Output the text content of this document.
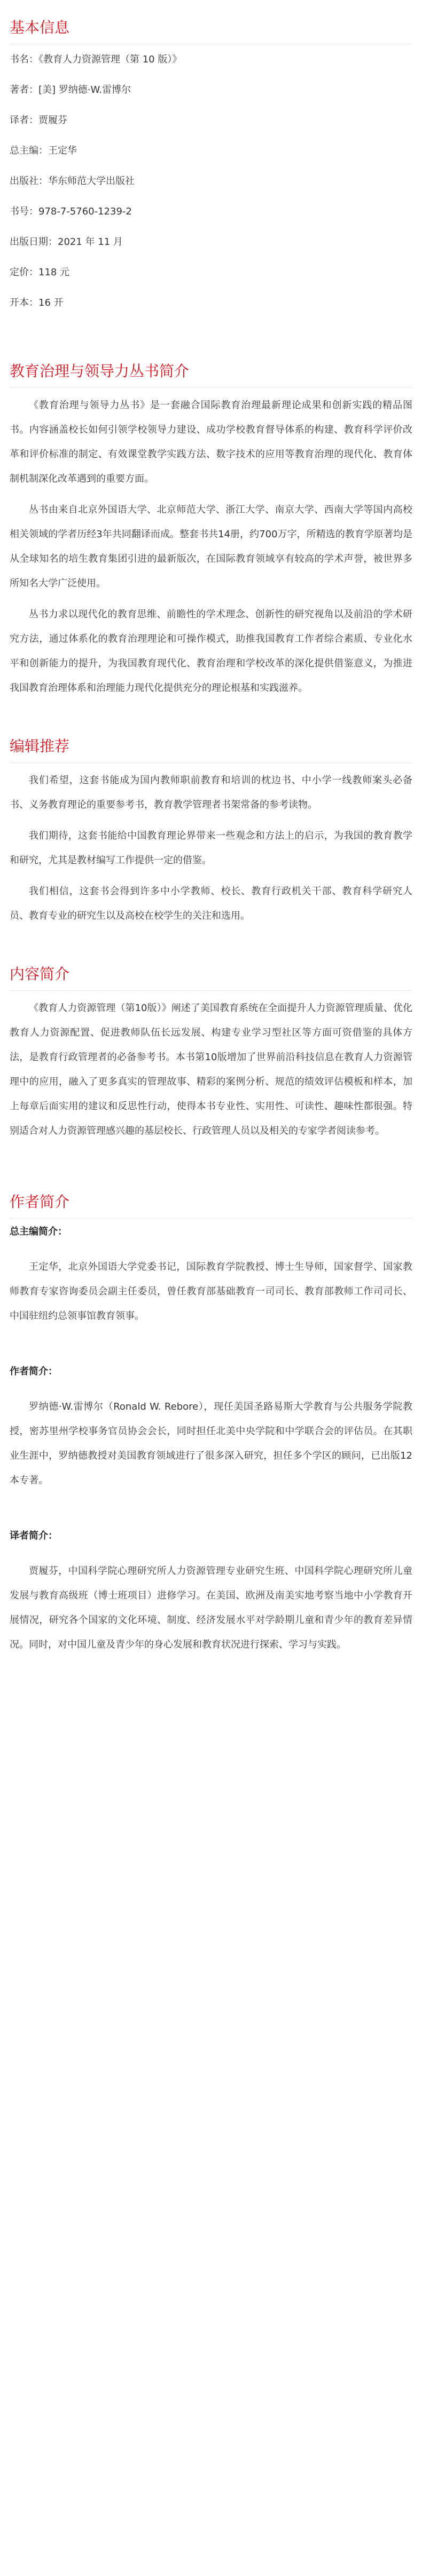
基本信息

书名：《教育人力资源管理（第 10 版）》

著者：[美] 罗纳德·W.雷博尔

译者：贾履芬

总主编：王定华

出版社：华东师范大学出版社

书号：978-7-5760-1239-2

出版日期：2021 年 11 月

定价：118 元

开本：16 开

教育治理与领导力丛书简介

《教育治理与领导力丛书》是一套融合国际教育治理最新理论成果和创新实践的精品图书。内容涵盖校长如何引领学校领导力建设、成功学校教育督导体系的构建、教育科学评价改革和评价标准的制定、有效课堂教学实践方法、数字技术的应用等教育治理的现代化、教育体制机制深化改革遇到的重要方面。

丛书由来自北京外国语大学、北京师范大学、浙江大学、南京大学、西南大学等国内高校相关领域的学者历经3年共同翻译而成。整套书共14册，约700万字，所精选的教育学原著均是从全球知名的培生教育集团引进的最新版次，在国际教育领域享有较高的学术声誉，被世界多所知名大学广泛使用。

丛书力求以现代化的教育思维、前瞻性的学术理念、创新性的研究视角以及前沿的学术研究方法，通过体系化的教育治理理论和可操作模式，助推我国教育工作者综合素质、专业化水平和创新能力的提升，为我国教育现代化、教育治理和学校改革的深化提供借鉴意义，为推进我国教育治理体系和治理能力现代化提供充分的理论根基和实践滋养。

编辑推荐

我们希望，这套书能成为国内教师职前教育和培训的枕边书、中小学一线教师案头必备书、义务教育理论的重要参考书，教育教学管理者书架常备的参考读物。

我们期待，这套书能给中国教育理论界带来一些观念和方法上的启示，为我国的教育教学和研究，尤其是教材编写工作提供一定的借鉴。

我们相信，这套书会得到许多中小学教师、校长、教育行政机关干部、教育科学研究人员、教育专业的研究生以及高校在校学生的关注和选用。

内容简介

《教育人力资源管理（第10版）》阐述了美国教育系统在全面提升人力资源管理质量、优化教育人力资源配置、促进教师队伍长远发展、构建专业学习型社区等方面可资借鉴的具体方法，是教育行政管理者的必备参考书。本书第10版增加了世界前沿科技信息在教育人力资源管理中的应用，融入了更多真实的管理故事、精彩的案例分析、规范的绩效评估模板和样本，加上每章后面实用的建议和反思性行动，使得本书专业性、实用性、可读性、趣味性都很强。特别适合对人力资源管理感兴趣的基层校长、行政管理人员以及相关的专家学者阅读参考。

作者简介

总主编简介：

王定华，北京外国语大学党委书记，国际教育学院教授、博士生导师，国家督学、国家教师教育专家咨询委员会副主任委员，曾任教育部基础教育一司司长、教育部教师工作司司长、中国驻纽约总领事馆教育领事。

作者简介：

罗纳德·W.雷博尔（Ronald W. Rebore），现任美国圣路易斯大学教育与公共服务学院教授，密苏里州学校事务官员协会会长，同时担任北美中央学院和中学联合会的评估员。在其职业生涯中，罗纳德教授对美国教育领域进行了很多深入研究，担任多个学区的顾问，已出版12本专著。

译者简介：

贾履芬，中国科学院心理研究所人力资源管理专业研究生班、中国科学院心理研究所儿童发展与教育高级班（博士班项目）进修学习。在美国、欧洲及南美实地考察当地中小学教育开展情况，研究各个国家的文化环境、制度、经济发展水平对学龄期儿童和青少年的教育差异情况。同时，对中国儿童及青少年的身心发展和教育状况进行探索、学习与实践。
